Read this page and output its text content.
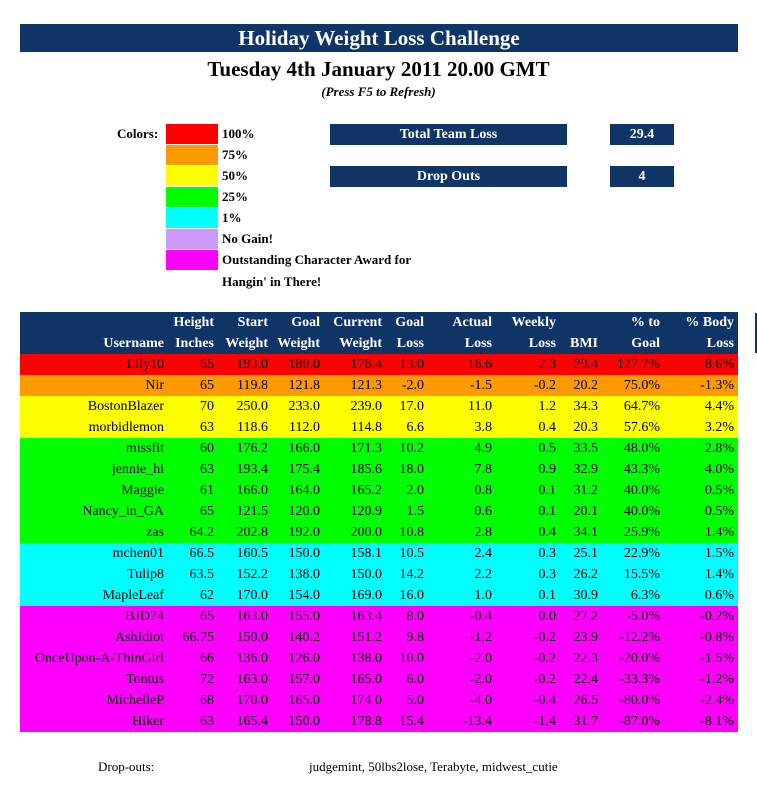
Holiday Weight Loss Challenge
Tuesday 4th January 2011 20.00 GMT
(Press F5 to Refresh)
Colors:	100%
75%
50%
25%
1%
No Gain!
Outstanding Character Award for
Hangin' in There!
Total Team Loss	29.4
Drop Outs	4
	Height	Start	Goal	Current	Goal	Actual	Weekly		% to	% Body
Username	Inches	Weight	Weight	Weight	Loss	Loss	Loss	BMI	Goal	Loss
Lily10	65	193.0	180.0	176.4	13.0	16.6	2.3	29.4	127.7%	8.6%
Nir	65	119.8	121.8	121.3	-2.0	-1.5	-0.2	20.2	75.0%	-1.3%
BostonBlazer	70	250.0	233.0	239.0	17.0	11.0	1.2	34.3	64.7%	4.4%
morbidlemon	63	118.6	112.0	114.8	6.6	3.8	0.4	20.3	57.6%	3.2%
missfit	60	176.2	166.0	171.3	10.2	4.9	0.5	33.5	48.0%	2.8%
jennie_hi	63	193.4	175.4	185.6	18.0	7.8	0.9	32.9	43.3%	4.0%
Maggie	61	166.0	164.0	165.2	2.0	0.8	0.1	31.2	40.0%	0.5%
Nancy_in_GA	65	121.5	120.0	120.9	1.5	0.6	0.1	20.1	40.0%	0.5%
zas	64.2	202.8	192.0	200.0	10.8	2.8	0.4	34.1	25.9%	1.4%
mchen01	66.5	160.5	150.0	158.1	10.5	2.4	0.3	25.1	22.9%	1.5%
Tulip8	63.5	152.2	138.0	150.0	14.2	2.2	0.3	26.2	15.5%	1.4%
MapleLeaf	62	170.0	154.0	169.0	16.0	1.0	0.1	30.9	6.3%	0.6%
BJD74	65	163.0	155.0	163.4	8.0	-0.4	0.0	27.2	-5.0%	-0.2%
AshIdiot	66.75	150.0	140.2	151.2	9.8	-1.2	-0.2	23.9	-12.2%	-0.8%
OnceUpon-A-ThinGirl	66	136.0	126.0	138.0	10.0	-2.0	-0.2	22.3	-20.0%	-1.5%
Tontus	72	163.0	157.0	165.0	6.0	-2.0	-0.2	22.4	-33.3%	-1.2%
MichelleP	68	170.0	165.0	174.0	5.0	-4.0	-0.4	26.5	-80.0%	-2.4%
Hiker	63	165.4	150.0	178.8	15.4	-13.4	-1.4	31.7	-87.0%	-8.1%
Drop-outs:	judgemint, 50lbs2lose, Terabyte, midwest_cutie
